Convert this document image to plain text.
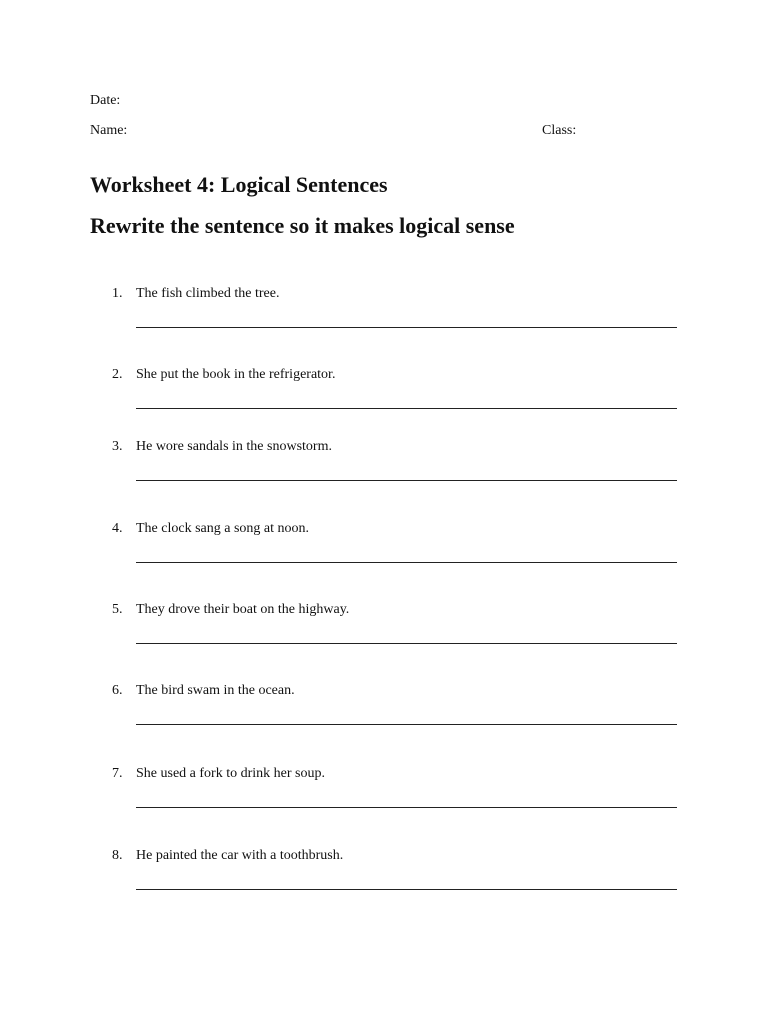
Date:
Name:	Class:
Worksheet 4: Logical Sentences
Rewrite the sentence so it makes logical sense
1. The fish climbed the tree.
2. She put the book in the refrigerator.
3. He wore sandals in the snowstorm.
4. The clock sang a song at noon.
5. They drove their boat on the highway.
6. The bird swam in the ocean.
7. She used a fork to drink her soup.
8. He painted the car with a toothbrush.
